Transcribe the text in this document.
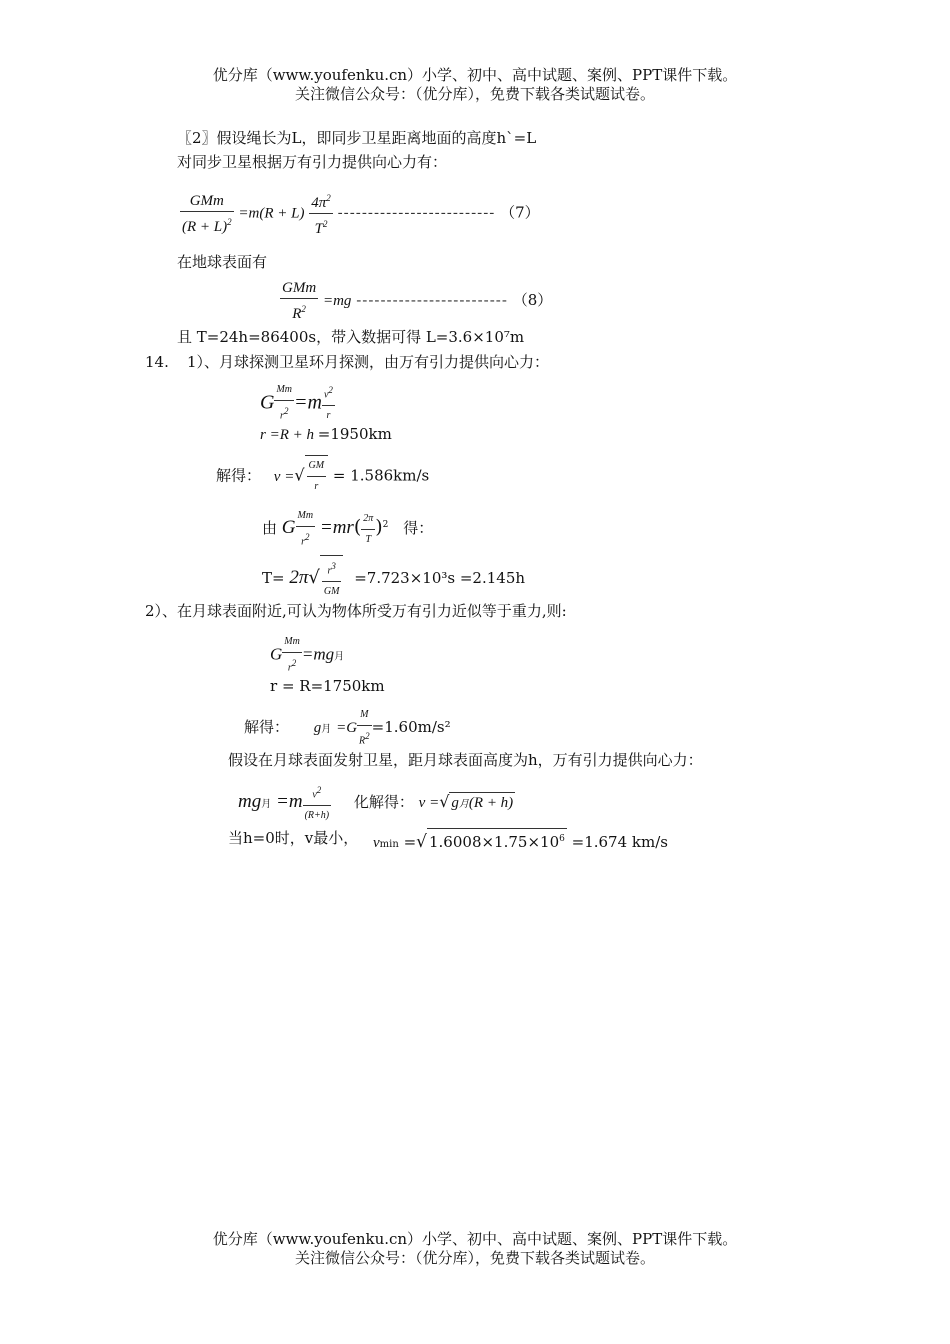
优分库（www.youfenku.cn）小学、初中、高中试题、案例、PPT课件下载。
关注微信公众号：（优分库），免费下载各类试题试卷。
〖2〗假设绳长为L，即同步卫星距离地面的高度h`=L
对同步卫星根据万有引力提供向心力有：
$\frac{\text{GMm}}{(R + L)^2} =m(R + L) \frac{4\pi^2}{T^2}$ -------------------------- （7）
在地球表面有
$\frac{\text{GMm}}{R^2} =mg$ ------------------------- （8）
且 T=24h=86400s，带入数据可得 L=3.6×10⁷m
14. 1）、月球探测卫星环月探测，由万有引力提供向心力：
G $\frac{Mm}{r^2} =m \frac{v^2}{r}$
r =R + h =1950km
解得： v =√ $\frac{GM}{r} = 1.586km/s$
由 G $\frac{Mm}{r^2} =mr( \frac{2\pi}{T} )^2$ 得：
$T= 2\pi√ \frac{r^3}{GM} =7.723\times 10^3s =2.145h$
2）、在月球表面附近,可认为物体所受万有引力近似等于重力,则:
G $\frac{Mm}{r^2} =mg$月
r = R=1750km
解得： g月 $=G \frac{M}{R^2} =1.60m/s^2$
假设在月球表面发射卫星，距月球表面高度为h，万有引力提供向心力：
mg月 $=m \frac{v^2}{(R+h)}$ 化解得： v =√ g月(R + h)
当h=0时，v最小， vmin =√ $1.6008\times 1.75\times 10^6 =1.674$ km/s
优分库（www.youfenku.cn）小学、初中、高中试题、案例、PPT课件下载。
关注微信公众号：（优分库），免费下载各类试题试卷。
